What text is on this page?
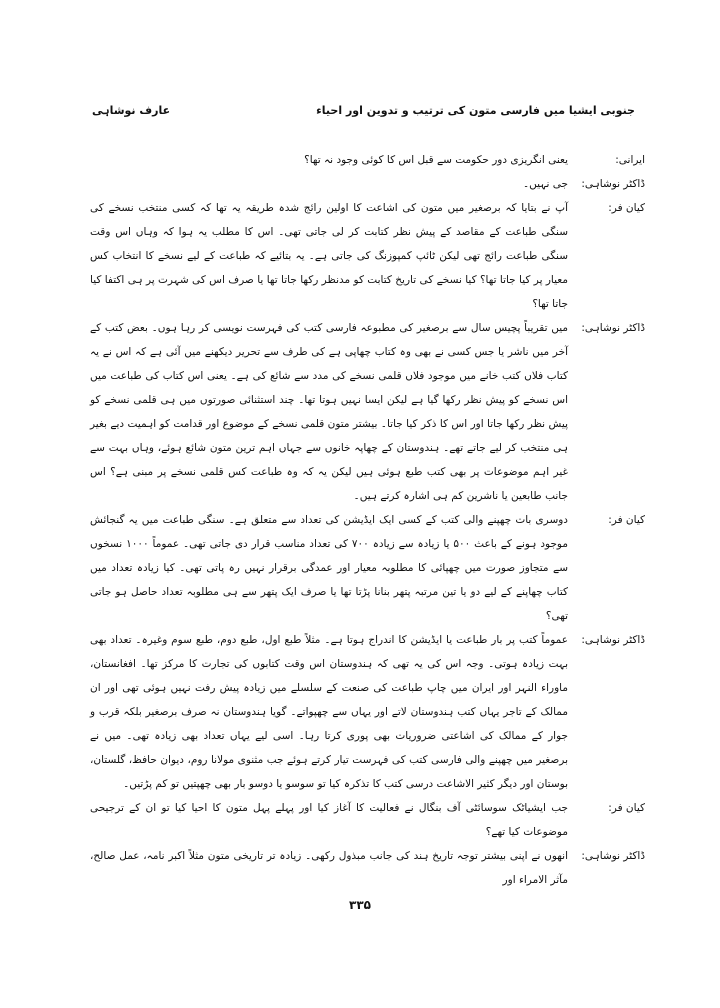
جنوبی ایشیا میں فارسی متون کی ترتیب و تدوین اور احیاء
عارف نوشاہی
ایرانی:
یعنی انگریزی دور حکومت سے قبل اس کا کوئی وجود نہ تھا؟
ڈاکٹر نوشاہی:
جی نہیں۔
کیان فر:
آپ نے بتایا کہ برصغیر میں متون کی اشاعت کا اولین رائج شدہ طریقہ یہ تھا کہ کسی منتخب نسخے کی سنگی طباعت کے مقاصد کے پیش نظر کتابت کر لی جاتی تھی۔ اس کا مطلب یہ ہوا کہ وہاں اس وقت سنگی طباعت رائج تھی لیکن ٹائپ کمپوزنگ کی جاتی ہے۔ یہ بتائیے کہ طباعت کے لیے نسخے کا انتخاب کس معیار پر کیا جاتا تھا؟ کیا نسخے کی تاریخ کتابت کو مدنظر رکھا جاتا تھا یا صرف اس کی شہرت پر ہی اکتفا کیا جاتا تھا؟
ڈاکٹر نوشاہی:
میں تقریباً پچیس سال سے برصغیر کی مطبوعہ فارسی کتب کی فہرست نویسی کر رہا ہوں۔ بعض کتب کے آخر میں ناشر یا جس کسی نے بھی وہ کتاب چھاپی ہے کی طرف سے تحریر دیکھنے میں آئی ہے کہ اس نے یہ کتاب فلاں کتب خانے میں موجود فلاں قلمی نسخے کی مدد سے شائع کی ہے۔ یعنی اس کتاب کی طباعت میں اس نسخے کو پیش نظر رکھا گیا ہے لیکن ایسا نہیں ہوتا تھا۔ چند استثنائی صورتوں میں ہی قلمی نسخے کو پیش نظر رکھا جاتا اور اس کا ذکر کیا جاتا۔ بیشتر متون قلمی نسخے کے موضوع اور قدامت کو اہمیت دیے بغیر ہی منتخب کر لیے جاتے تھے۔ ہندوستان کے چھاپہ خانوں سے جہاں اہم ترین متون شائع ہوئے، وہاں بہت سے غیر اہم موضوعات پر بھی کتب طبع ہوئی ہیں لیکن یہ کہ وہ طباعت کس قلمی نسخے پر مبنی ہے؟ اس جانب طابعین یا ناشرین کم ہی اشارہ کرتے ہیں۔
کیان فر:
دوسری بات چھپنے والی کتب کے کسی ایک ایڈیشن کی تعداد سے متعلق ہے۔ سنگی طباعت میں یہ گنجائش موجود ہونے کے باعث ۵۰۰ یا زیادہ سے زیادہ ۷۰۰ کی تعداد مناسب قرار دی جاتی تھی۔ عموماً ۱۰۰۰ نسخوں سے متجاوز صورت میں چھپائی کا مطلوبہ معیار اور عمدگی برقرار نہیں رہ پاتی تھی۔ کیا زیادہ تعداد میں کتاب چھاپنے کے لیے دو یا تین مرتبہ پتھر بنانا پڑتا تھا یا صرف ایک پتھر سے ہی مطلوبہ تعداد حاصل ہو جاتی تھی؟
ڈاکٹر نوشاہی:
عموماً کتب پر بار طباعت یا ایڈیشن کا اندراج ہوتا ہے۔ مثلاً طبع اول، طبع دوم، طبع سوم وغیرہ۔ تعداد بھی بہت زیادہ ہوتی۔ وجہ اس کی یہ تھی کہ ہندوستان اس وقت کتابوں کی تجارت کا مرکز تھا۔ افغانستان، ماوراء النہر اور ایران میں چاپ طباعت کی صنعت کے سلسلے میں زیادہ پیش رفت نہیں ہوئی تھی اور ان ممالک کے تاجر یہاں کتب ہندوستان لاتے اور یہاں سے چھپواتے۔ گویا ہندوستان نہ صرف برصغیر بلکہ قرب و جوار کے ممالک کی اشاعتی ضروریات بھی پوری کرتا رہا۔ اسی لیے یہاں تعداد بھی زیادہ تھی۔ میں نے برصغیر میں چھپنے والی فارسی کتب کی فہرست تیار کرتے ہوئے جب مثنوی مولانا روم، دیوان حافظ، گلستان، بوستان اور دیگر کثیر الاشاعت درسی کتب کا تذکرہ کیا تو سوسو یا دوسو بار بھی چھپتیں تو کم پڑتیں۔
کیان فر:
جب ایشیاٹک سوسائٹی آف بنگال نے فعالیت کا آغاز کیا اور پہلے پہل متون کا احیا کیا تو ان کے ترجیحی موضوعات کیا تھے؟
ڈاکٹر نوشاہی:
انھوں نے اپنی بیشتر توجہ تاریخ ہند کی جانب مبذول رکھی۔ زیادہ تر تاریخی متون مثلاً اکبر نامہ، عمل صالح، مآثر الامراء اور
۳۳۵
